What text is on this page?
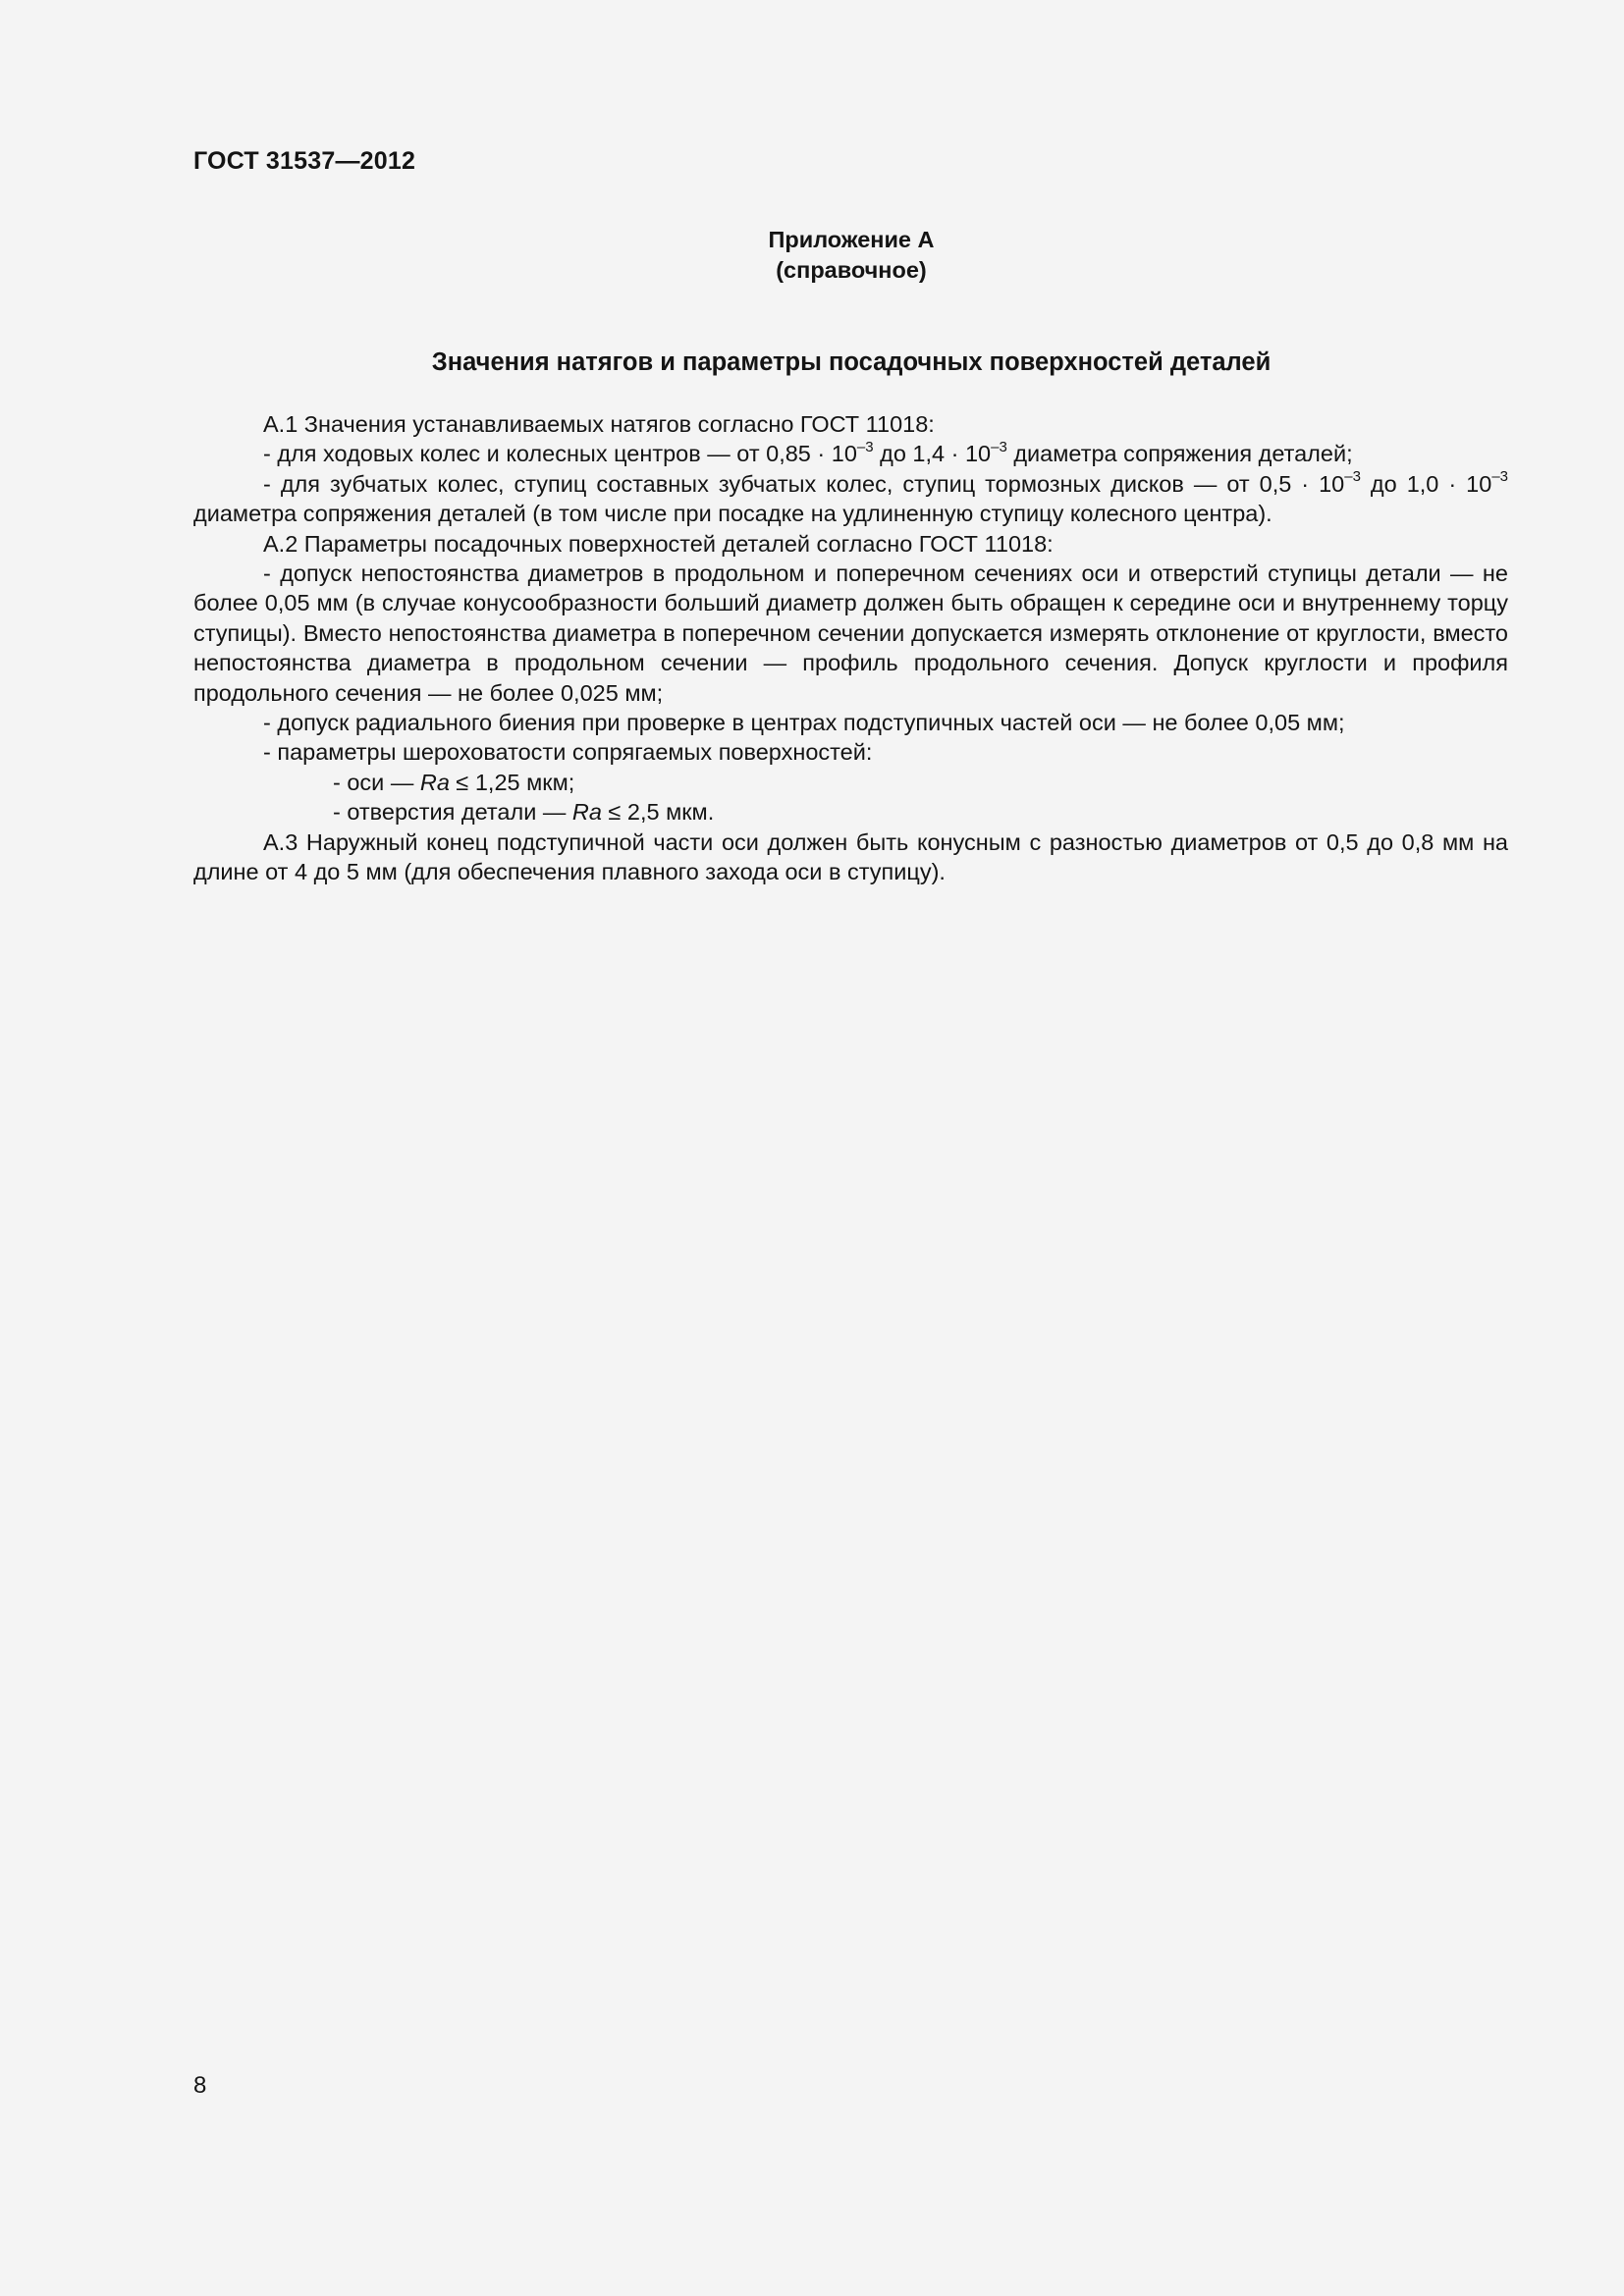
ГОСТ 31537—2012
Приложение А
(справочное)
Значения натягов и параметры посадочных поверхностей деталей

А.1 Значения устанавливаемых натягов согласно ГОСТ 11018:

- для ходовых колес и колесных центров — от $0,85 \cdot 10^{-3}$ до $1,4 \cdot 10^{-3}$ диаметра сопряжения деталей;

- для зубчатых колес, ступиц составных зубчатых колес, ступиц тормозных дисков — от $0,5 \cdot 10^{-3}$ до $1,0 \cdot 10^{-3}$ диаметра сопряжения деталей (в том числе при посадке на удлиненную ступицу колесного центра).

А.2 Параметры посадочных поверхностей деталей согласно ГОСТ 11018:

- допуск непостоянства диаметров в продольном и поперечном сечениях оси и отверстий ступицы детали — не более 0,05 мм (в случае конусообразности больший диаметр должен быть обращен к середине оси и внутреннему торцу ступицы). Вместо непостоянства диаметра в поперечном сечении допускается измерять отклонение от круглости, вместо непостоянства диаметра в продольном сечении — профиль продольного сечения. Допуск круглости и профиля продольного сечения — не более 0,025 мм;

- допуск радиального биения при проверке в центрах подступичных частей оси — не более 0,05 мм;

- параметры шероховатости сопрягаемых поверхностей:

- оси — Ra ≤ 1,25 мкм;

- отверстия детали — Ra ≤ 2,5 мкм.

А.3 Наружный конец подступичной части оси должен быть конусным с разностью диаметров от 0,5 до 0,8 мм на длине от 4 до 5 мм (для обеспечения плавного захода оси в ступицу).

8
